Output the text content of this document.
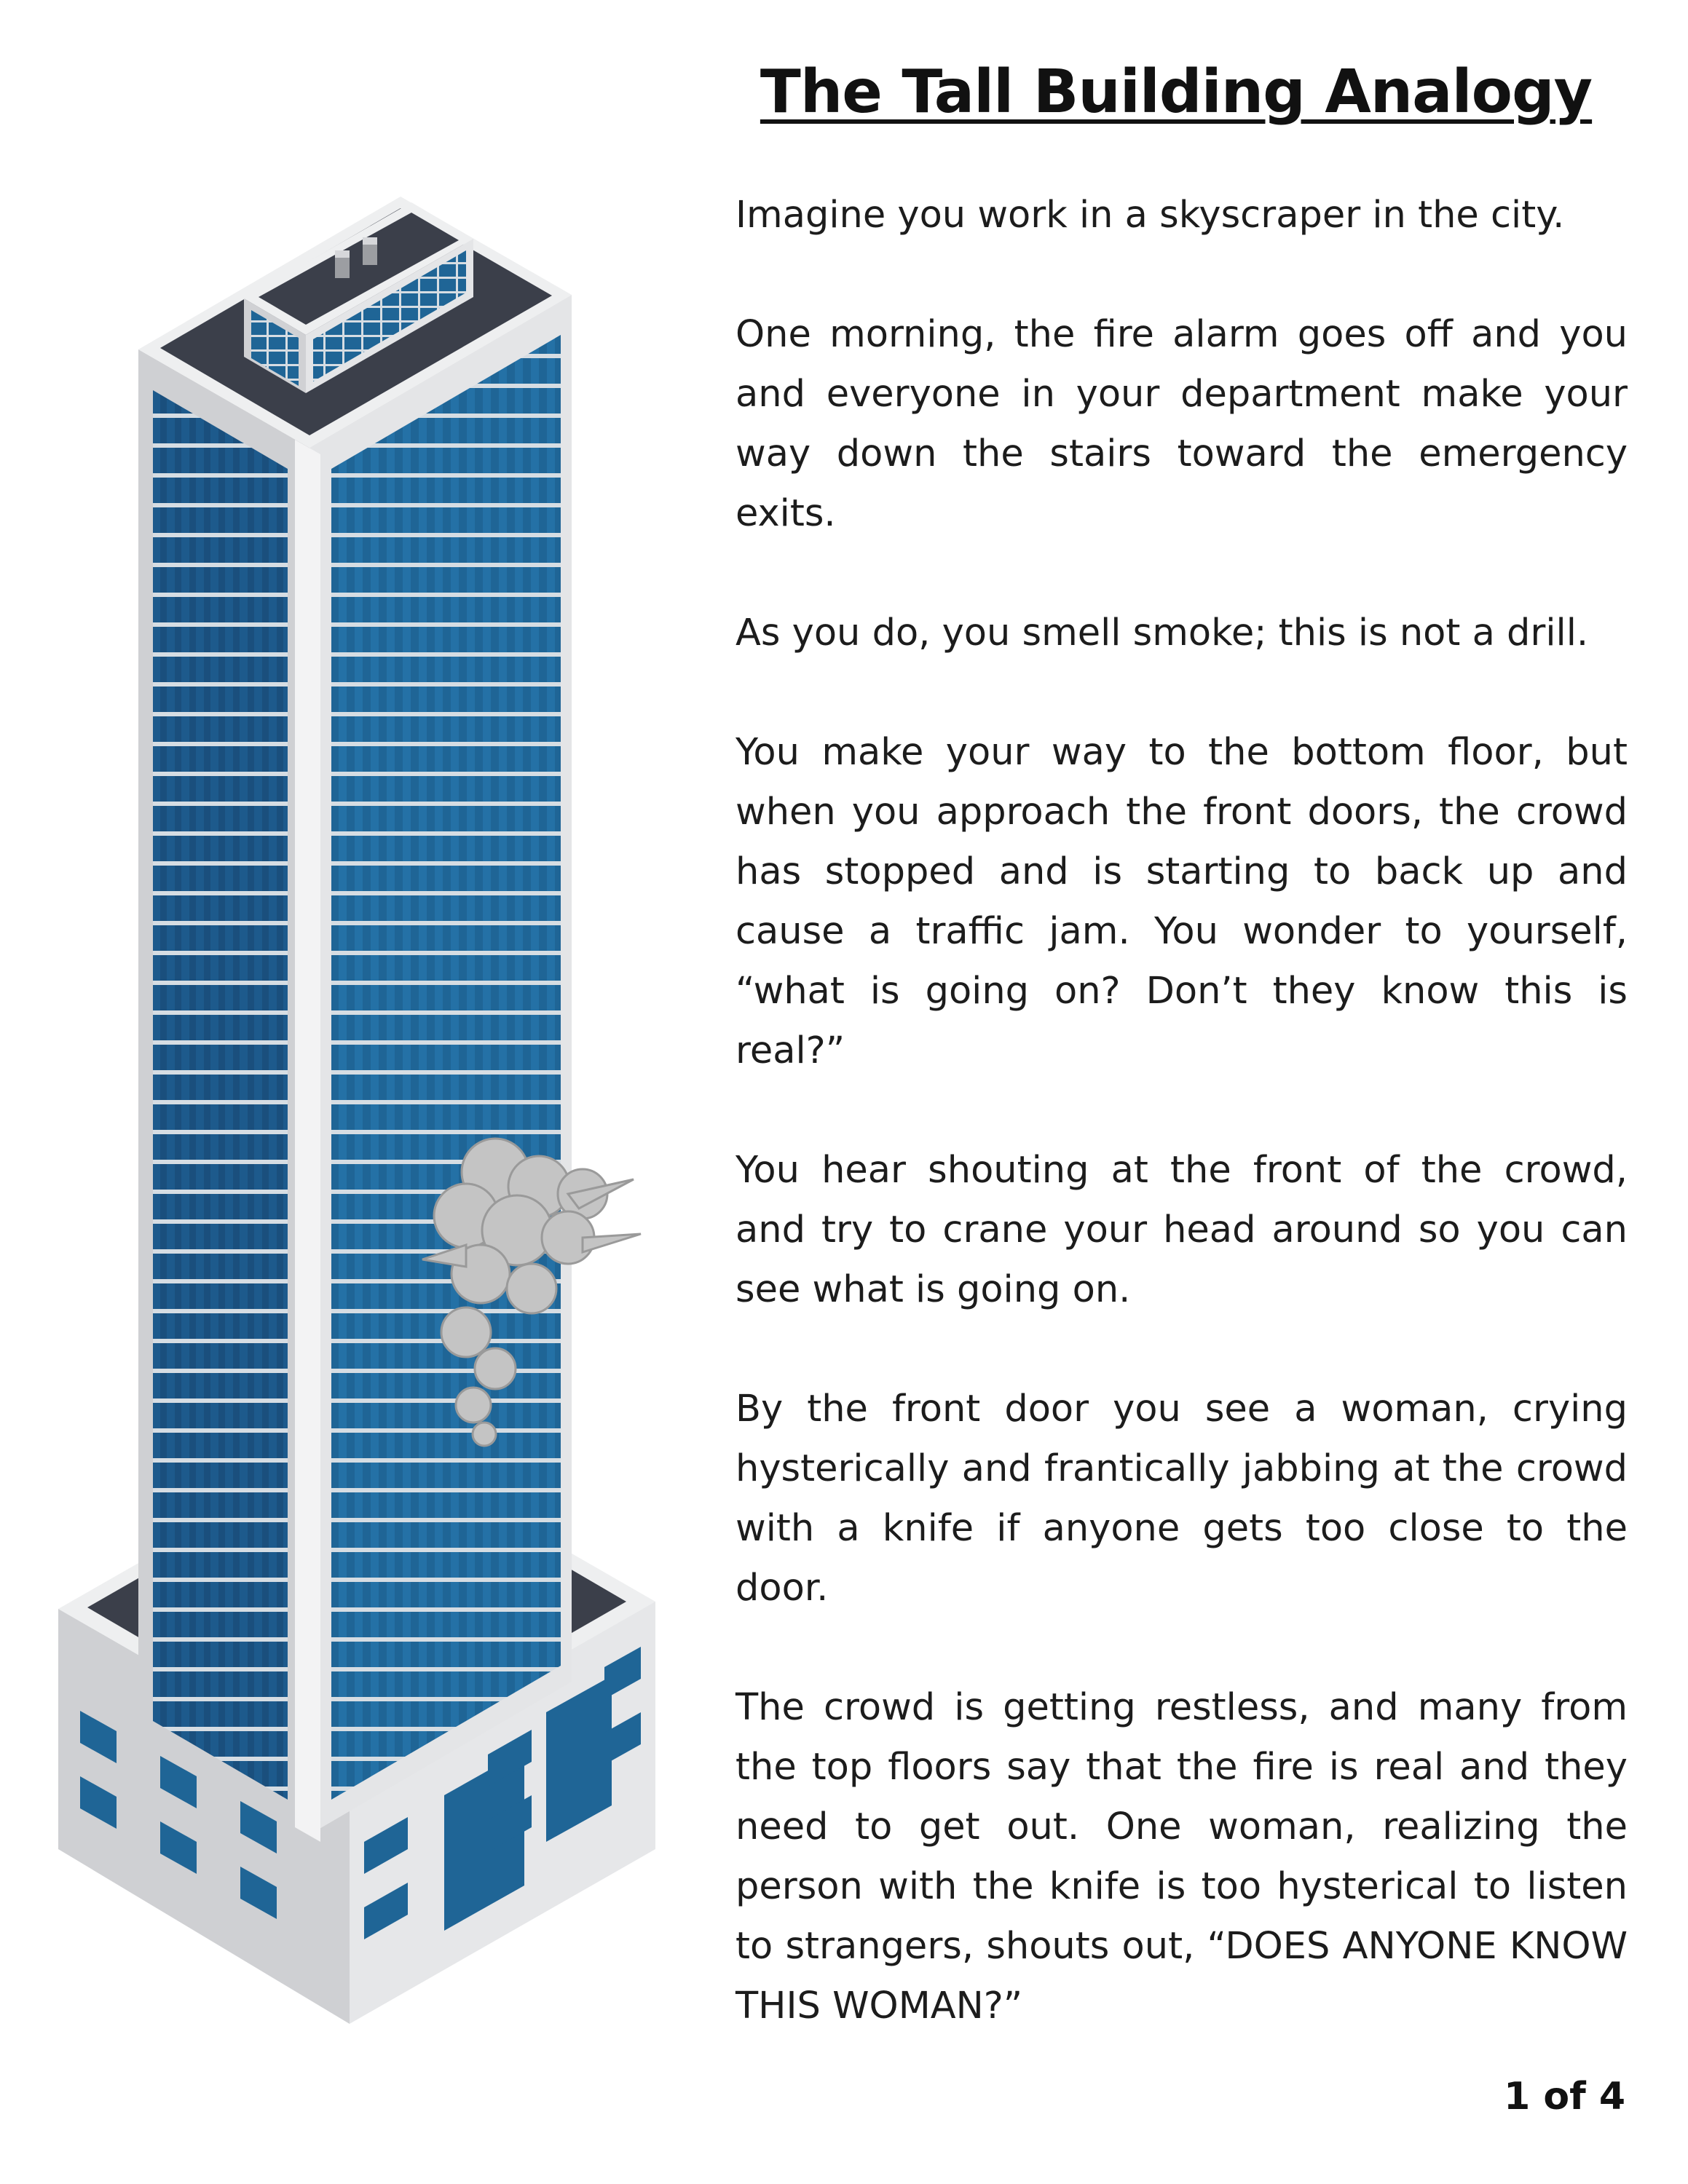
The Tall Building Analogy

Imagine you work in a skyscraper in the city.

One morning, the fire alarm goes off and you and everyone in your department make your way down the stairs toward the emergency exits.

As you do, you smell smoke; this is not a drill.

You make your way to the bottom floor, but when you approach the front doors, the crowd has stopped and is starting to back up and cause a traffic jam. You wonder to yourself, “what is going on? Don’t they know this is real?”

You hear shouting at the front of the crowd, and try to crane your head around so you can see what is going on.

By the front door you see a woman, crying hysterically and frantically jabbing at the crowd with a knife if anyone gets too close to the door.

The crowd is getting restless, and many from the top floors say that the fire is real and they need to get out. One woman, realizing the person with the knife is too hysterical to listen to strangers, shouts out, “DOES ANYONE KNOW THIS WOMAN?”

1 of 4
